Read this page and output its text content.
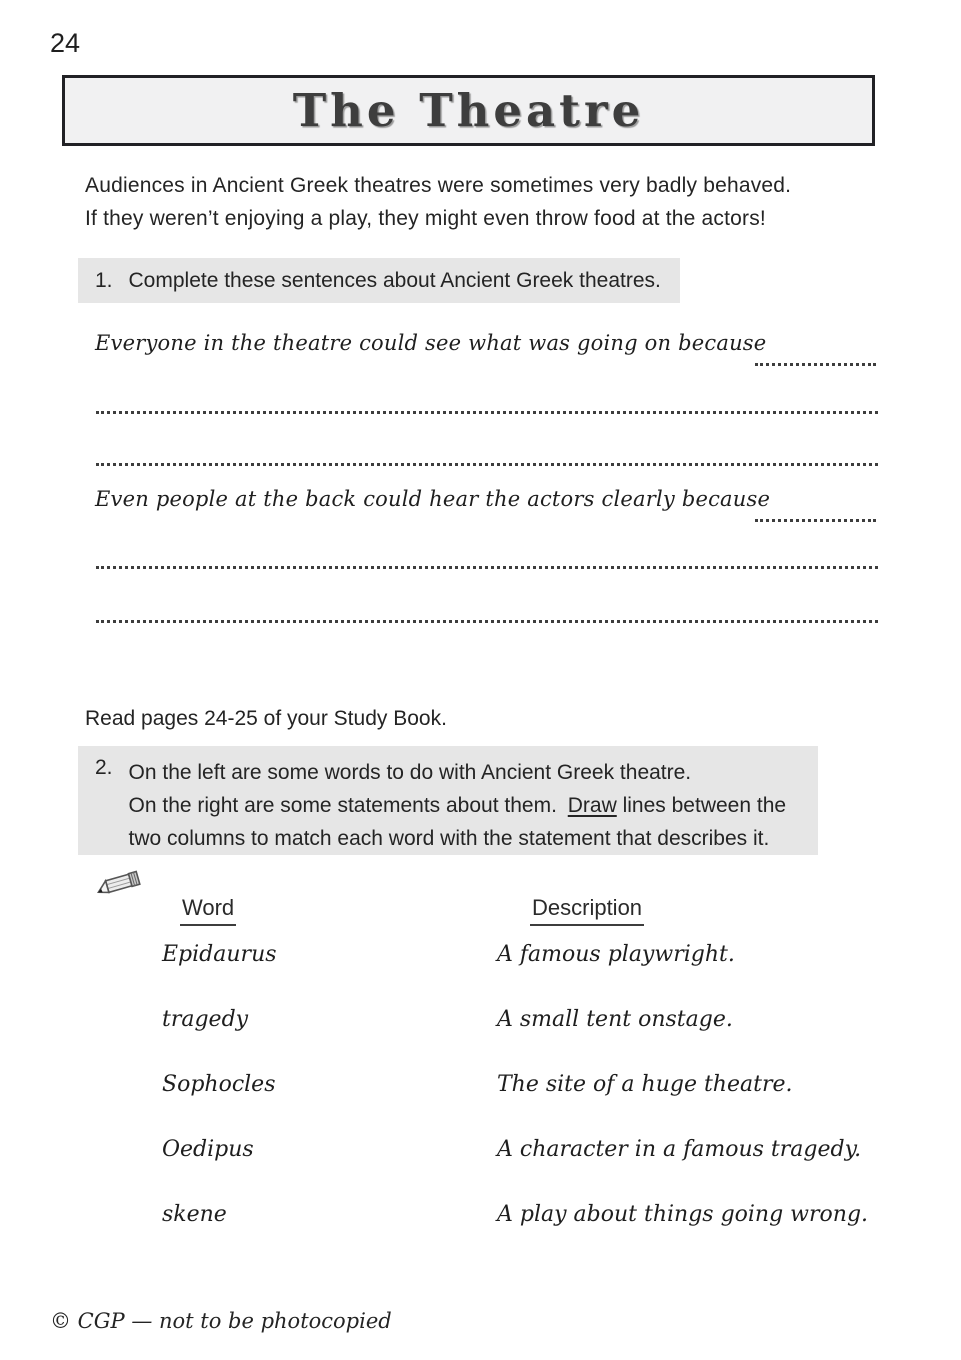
24
The Theatre

Audiences in Ancient Greek theatres were sometimes very badly behaved.

If they weren’t enjoying a play, they might even throw food at the actors!

1. Complete these sentences about Ancient Greek theatres.

Everyone in the theatre could see what was going on because

Even people at the back could hear the actors clearly because

Read pages 24-25 of your Study Book.

2. On the left are some words to do with Ancient Greek theatre.
On the right are some statements about them. Draw lines between the
two columns to match each word with the statement that describes it.
Word	Description
Epidaurus	A famous playwright.
tragedy	A small tent onstage.
Sophocles	The site of a huge theatre.
Oedipus	A character in a famous tragedy.
skene	A play about things going wrong.
© CGP — not to be photocopied
